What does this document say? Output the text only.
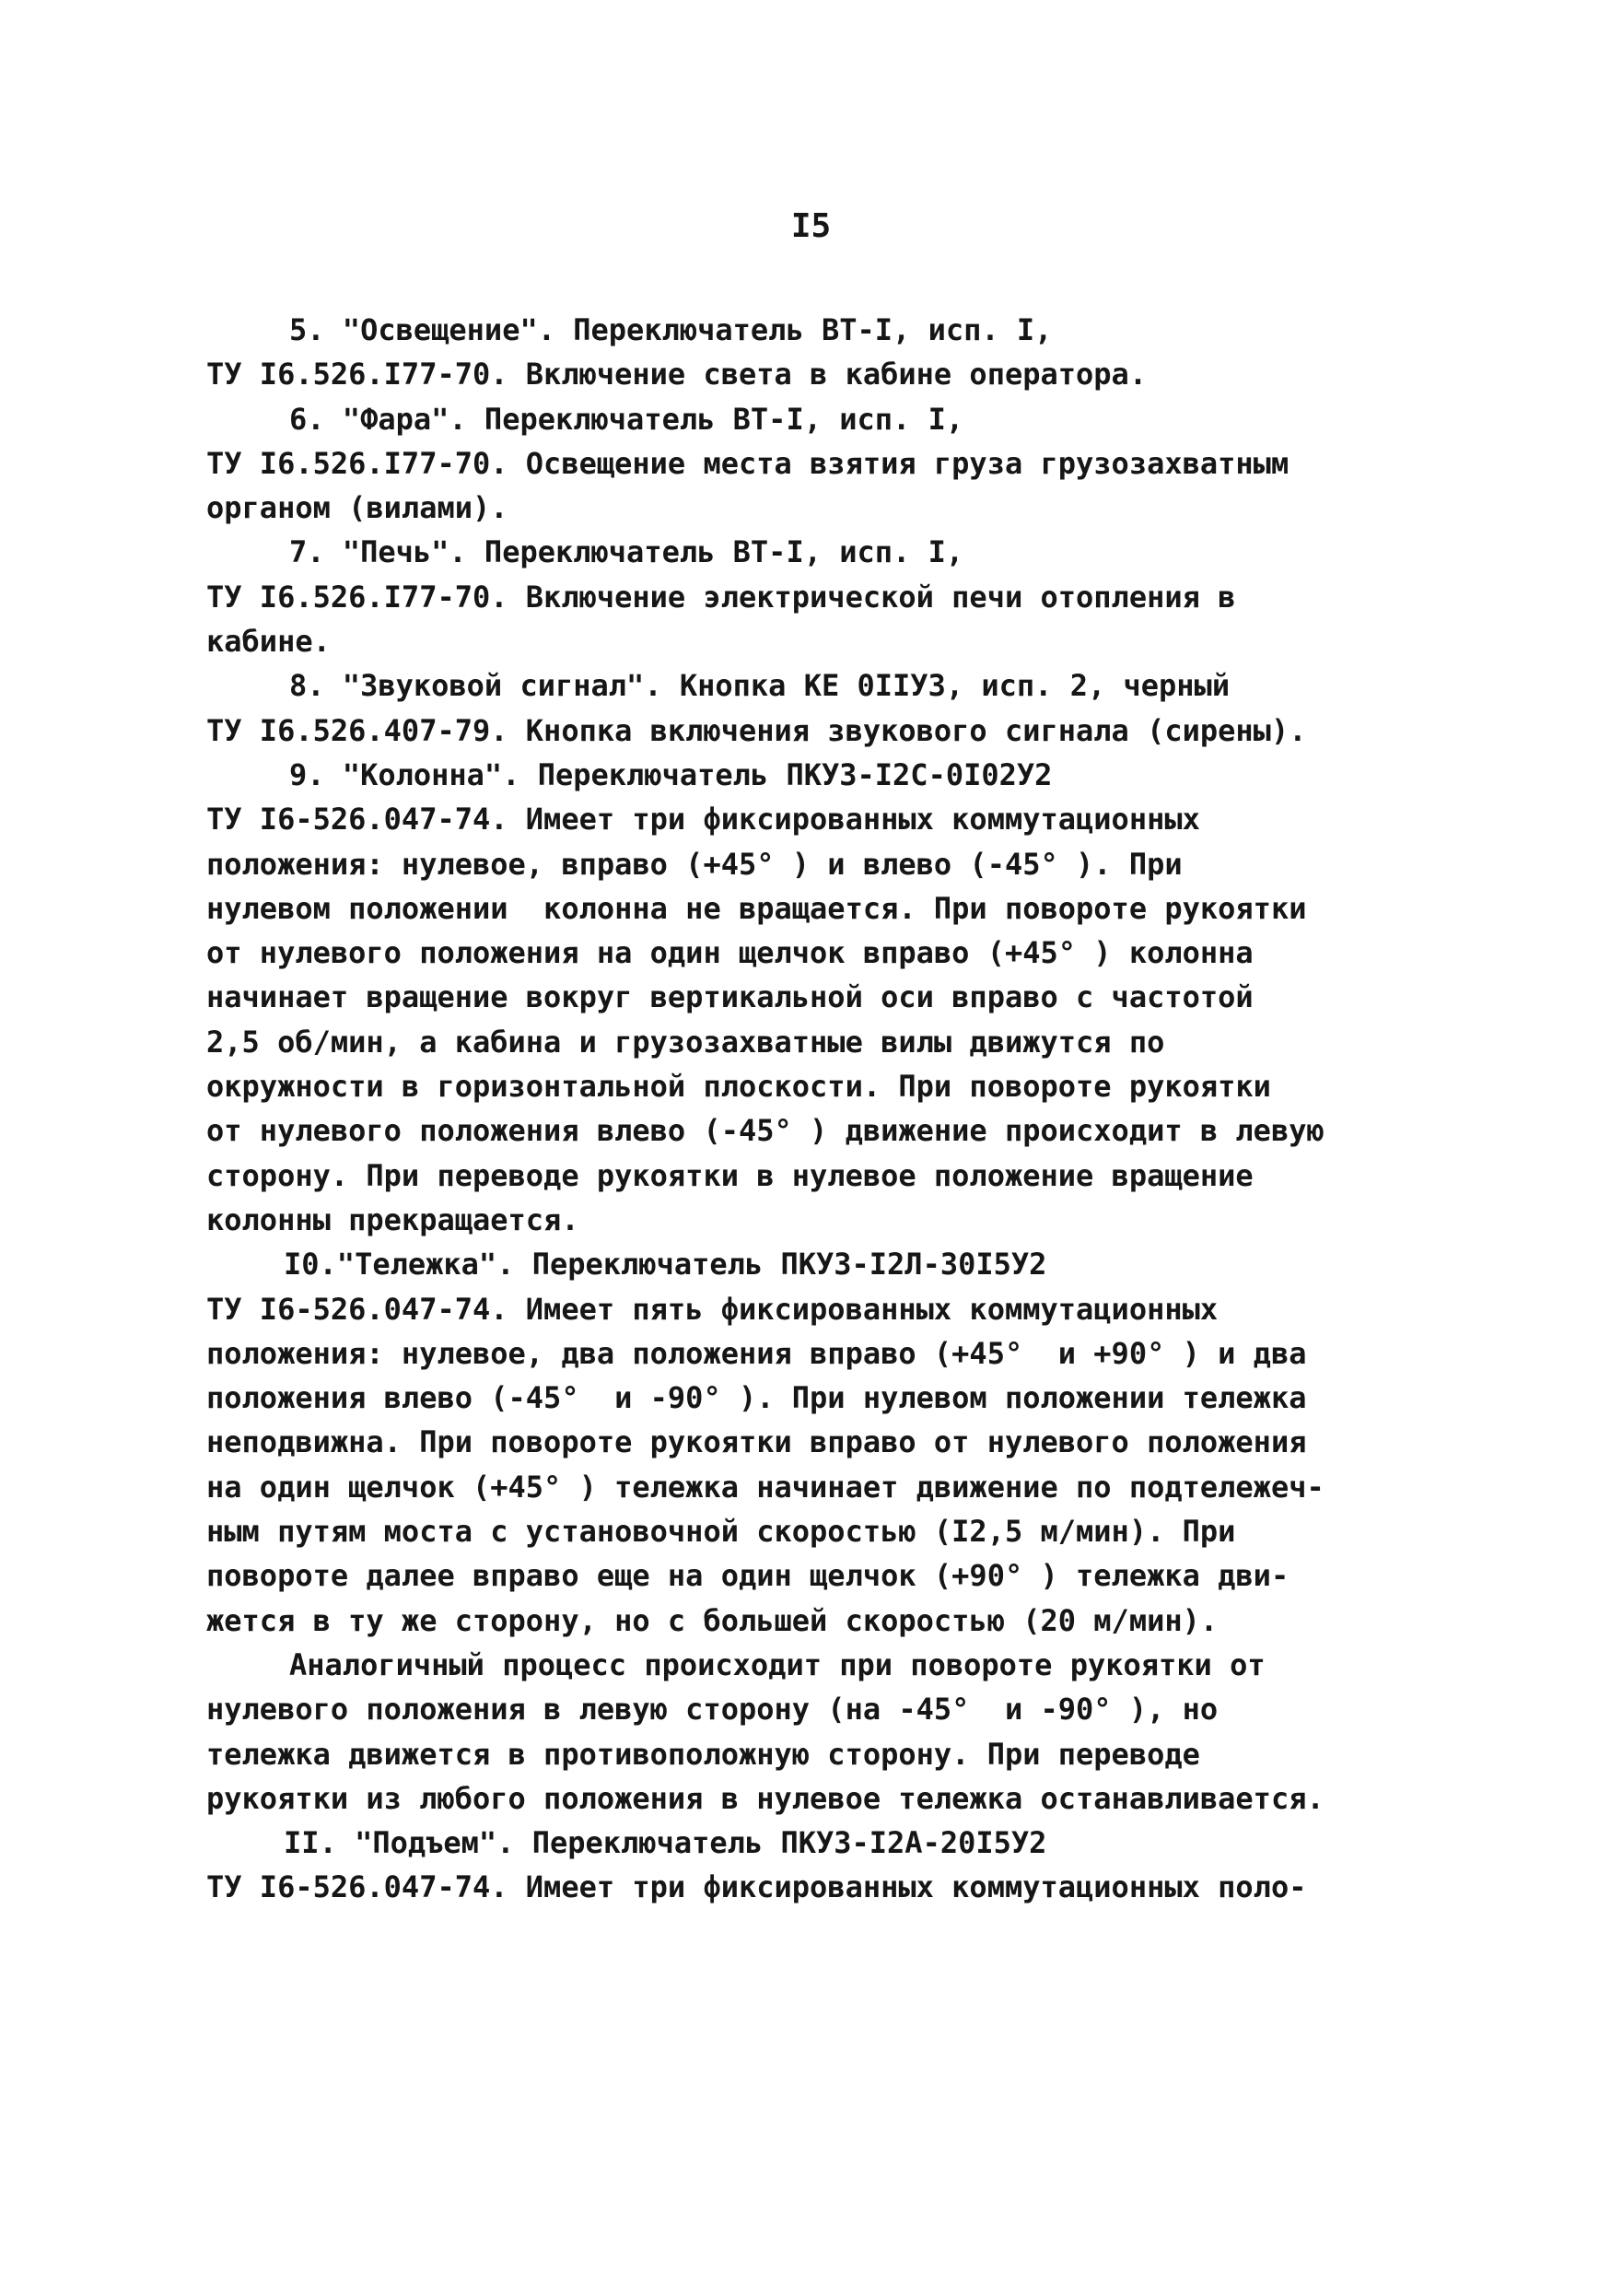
I5
5. "Освещение". Переключатель ВТ-I, исп. I,
ТУ I6.526.I77-70. Включение света в кабине оператора.
6. "Фара". Переключатель ВТ-I, исп. I,
ТУ I6.526.I77-70. Освещение места взятия груза грузозахватным
органом (вилами).
7. "Печь". Переключатель ВТ-I, исп. I,
ТУ I6.526.I77-70. Включение электрической печи отопления в
кабине.
8. "Звуковой сигнал". Кнопка КЕ 0IIУЗ, исп. 2, черный
ТУ I6.526.407-79. Кнопка включения звукового сигнала (сирены).
9. "Колонна". Переключатель ПКУЗ-I2С-0I02У2
ТУ I6-526.047-74. Имеет три фиксированных коммутационных
положения: нулевое, вправо (+45° ) и влево (-45° ). При
нулевом положении  колонна не вращается. При повороте рукоятки
от нулевого положения на один щелчок вправо (+45° ) колонна
начинает вращение вокруг вертикальной оси вправо с частотой
2,5 об/мин, а кабина и грузозахватные вилы движутся по
окружности в горизонтальной плоскости. При повороте рукоятки
от нулевого положения влево (-45° ) движение происходит в левую
сторону. При переводе рукоятки в нулевое положение вращение
колонны прекращается.
I0."Тележка". Переключатель ПКУЗ-I2Л-30I5У2
ТУ I6-526.047-74. Имеет пять фиксированных коммутационных
положения: нулевое, два положения вправо (+45°  и +90° ) и два
положения влево (-45°  и -90° ). При нулевом положении тележка
неподвижна. При повороте рукоятки вправо от нулевого положения
на один щелчок (+45° ) тележка начинает движение по подтележеч-
ным путям моста с установочной скоростью (I2,5 м/мин). При
повороте далее вправо еще на один щелчок (+90° ) тележка дви-
жется в ту же сторону, но с большей скоростью (20 м/мин).
Аналогичный процесс происходит при повороте рукоятки от
нулевого положения в левую сторону (на -45°  и -90° ), но
тележка движется в противоположную сторону. При переводе
рукоятки из любого положения в нулевое тележка останавливается.
II. "Подъем". Переключатель ПКУЗ-I2А-20I5У2
ТУ I6-526.047-74. Имеет три фиксированных коммутационных поло-
